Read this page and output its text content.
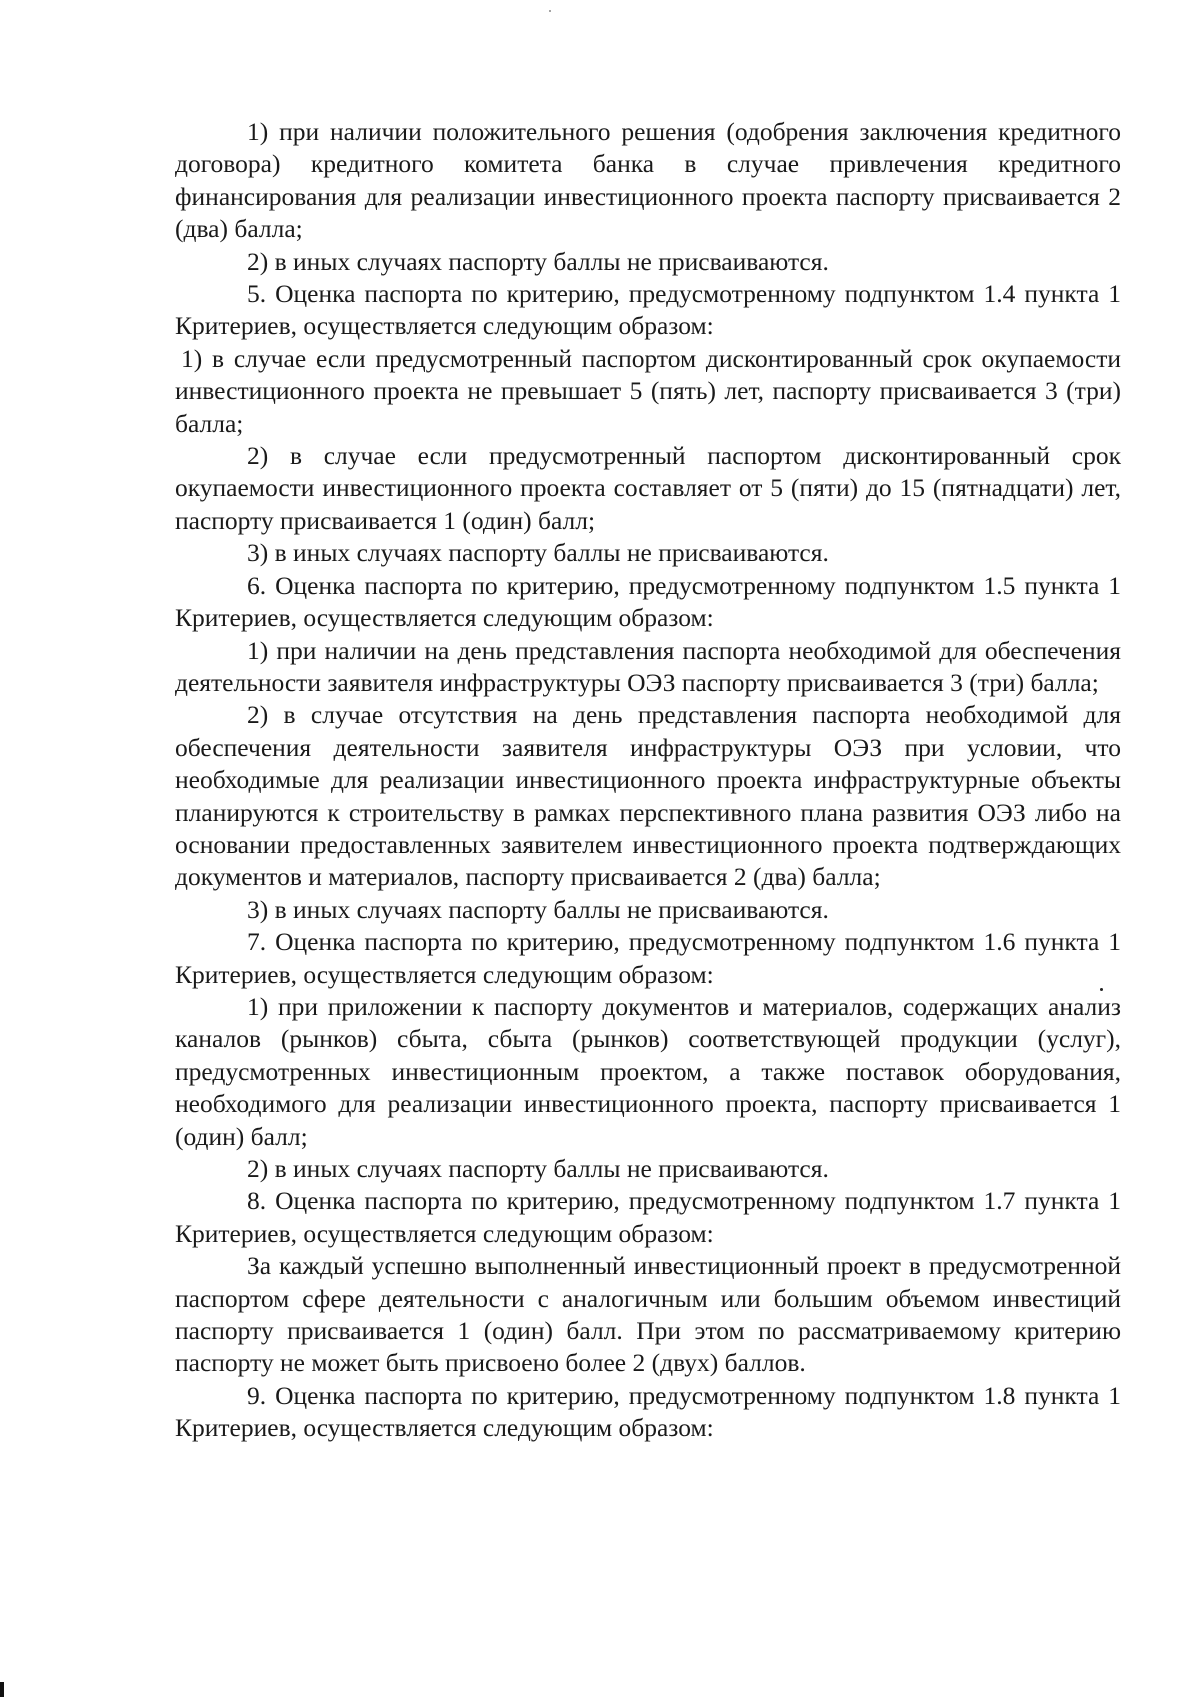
1) при наличии положительного решения (одобрения заключения кредитного договора) кредитного комитета банка в случае привлечения кредитного финансирования для реализации инвестиционного проекта паспорту присваивается 2 (два) балла;

2) в иных случаях паспорту баллы не присваиваются.

5. Оценка паспорта по критерию, предусмотренному подпунктом 1.4 пункта 1 Критериев, осуществляется следующим образом:

1) в случае если предусмотренный паспортом дисконтированный срок окупаемости инвестиционного проекта не превышает 5 (пять) лет, паспорту присваивается 3 (три) балла;

2) в случае если предусмотренный паспортом дисконтированный срок окупаемости инвестиционного проекта составляет от 5 (пяти) до 15 (пятнадцати) лет, паспорту присваивается 1 (один) балл;

3) в иных случаях паспорту баллы не присваиваются.

6. Оценка паспорта по критерию, предусмотренному подпунктом 1.5 пункта 1 Критериев, осуществляется следующим образом:

1) при наличии на день представления паспорта необходимой для обеспечения деятельности заявителя инфраструктуры ОЭЗ паспорту присваивается 3 (три) балла;

2) в случае отсутствия на день представления паспорта необходимой для обеспечения деятельности заявителя инфраструктуры ОЭЗ при условии, что необходимые для реализации инвестиционного проекта инфраструктурные объекты планируются к строительству в рамках перспективного плана развития ОЭЗ либо на основании предоставленных заявителем инвестиционного проекта подтверждающих документов и материалов, паспорту присваивается 2 (два) балла;

3) в иных случаях паспорту баллы не присваиваются.

7. Оценка паспорта по критерию, предусмотренному подпунктом 1.6 пункта 1 Критериев, осуществляется следующим образом:

1) при приложении к паспорту документов и материалов, содержащих анализ каналов (рынков) сбыта, сбыта (рынков) соответствующей продукции (услуг), предусмотренных инвестиционным проектом, а также поставок оборудования, необходимого для реализации инвестиционного проекта, паспорту присваивается 1 (один) балл;

2) в иных случаях паспорту баллы не присваиваются.

8. Оценка паспорта по критерию, предусмотренному подпунктом 1.7 пункта 1 Критериев, осуществляется следующим образом:

За каждый успешно выполненный инвестиционный проект в предусмотренной паспортом сфере деятельности с аналогичным или большим объемом инвестиций паспорту присваивается 1 (один) балл. При этом по рассматриваемому критерию паспорту не может быть присвоено более 2 (двух) баллов.

9. Оценка паспорта по критерию, предусмотренному подпунктом 1.8 пункта 1 Критериев, осуществляется следующим образом:
